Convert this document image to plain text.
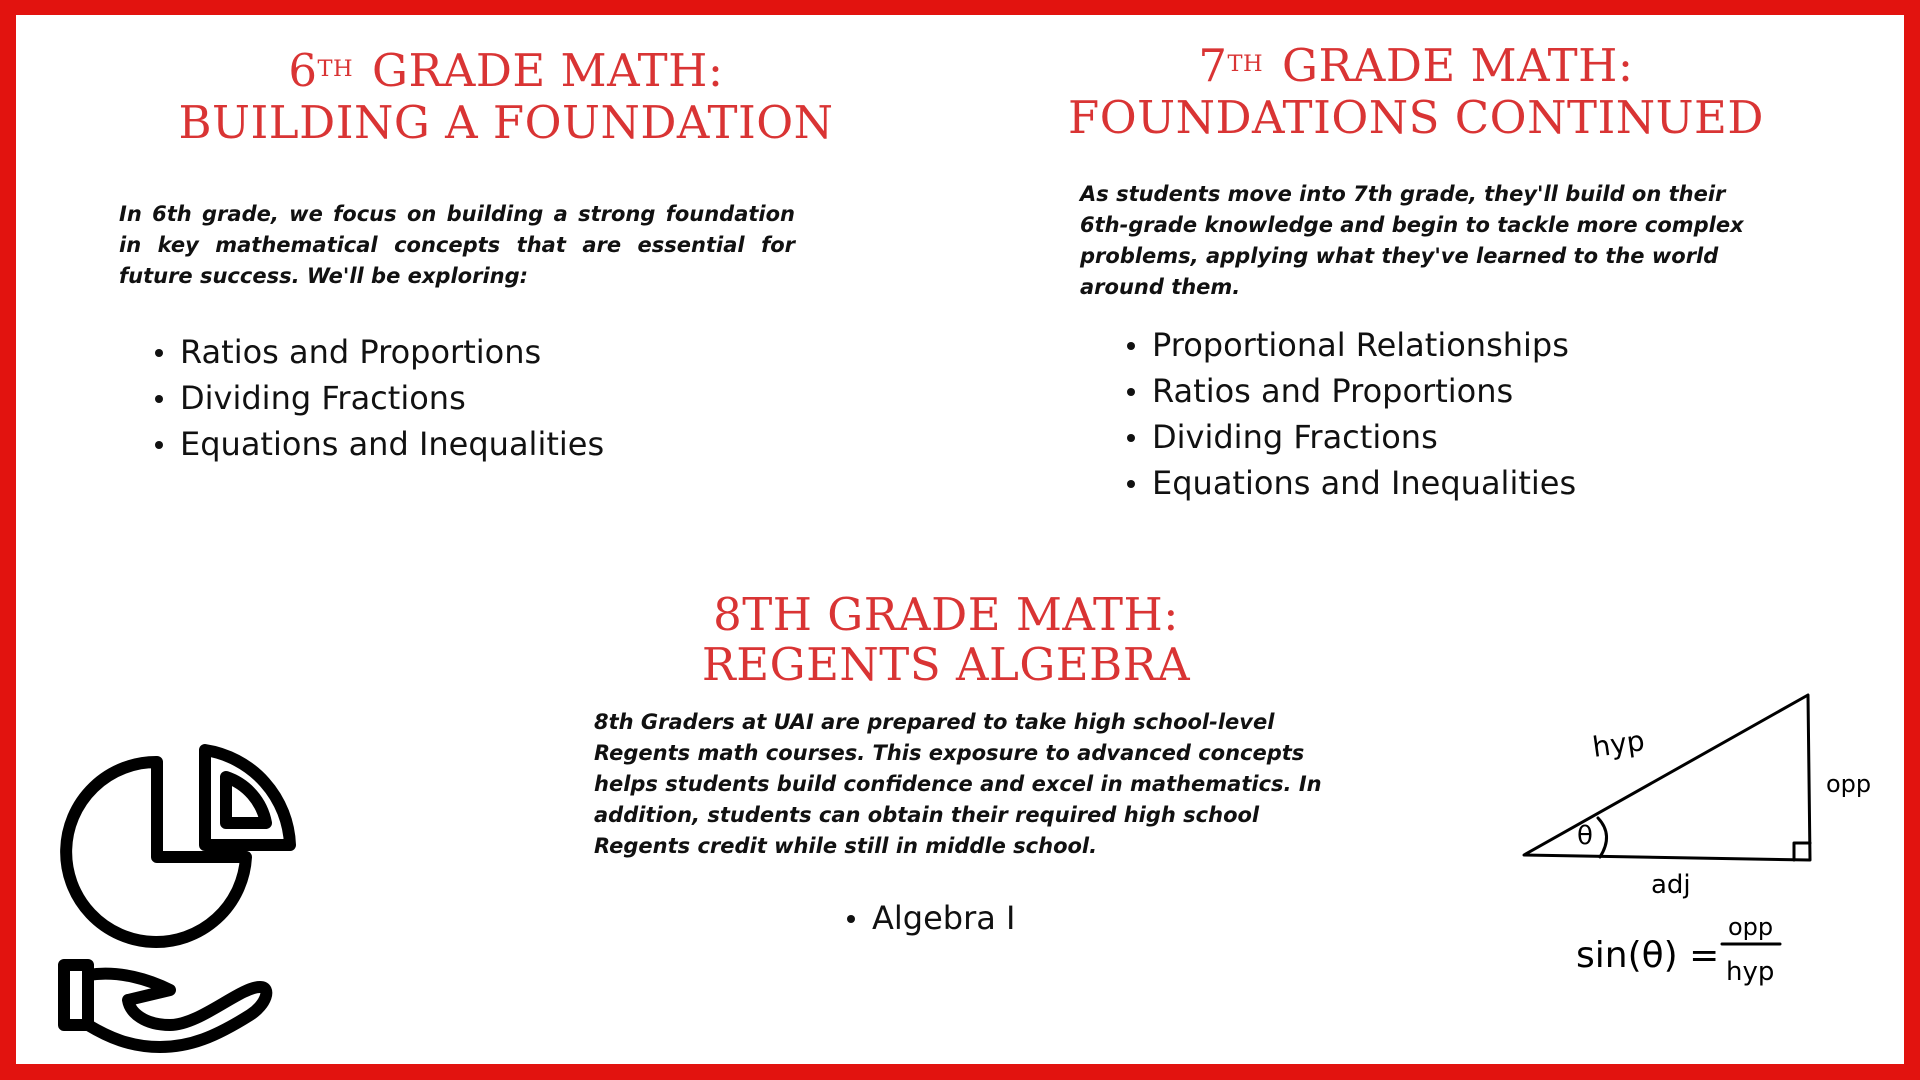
6TH GRADE MATH:
BUILDING A FOUNDATION

In 6th grade, we focus on building a strong foundation in key mathematical concepts that are essential for future success. We'll be exploring:

Ratios and Proportions
Dividing Fractions
Equations and Inequalities
7TH GRADE MATH:
FOUNDATIONS CONTINUED

As students move into 7th grade, they'll build on their 6th-grade knowledge and begin to tackle more complex problems, applying what they've learned to the world around them.

Proportional Relationships
Ratios and Proportions
Dividing Fractions
Equations and Inequalities
8TH GRADE MATH:
REGENTS ALGEBRA

8th Graders at UAI are prepared to take high school-level Regents math courses. This exposure to advanced concepts helps students build confidence and excel in mathematics. In addition, students can obtain their required high school Regents credit while still in middle school.

Algebra I
hyp
opp
adj
θ
sin(θ) =
opp
hyp
